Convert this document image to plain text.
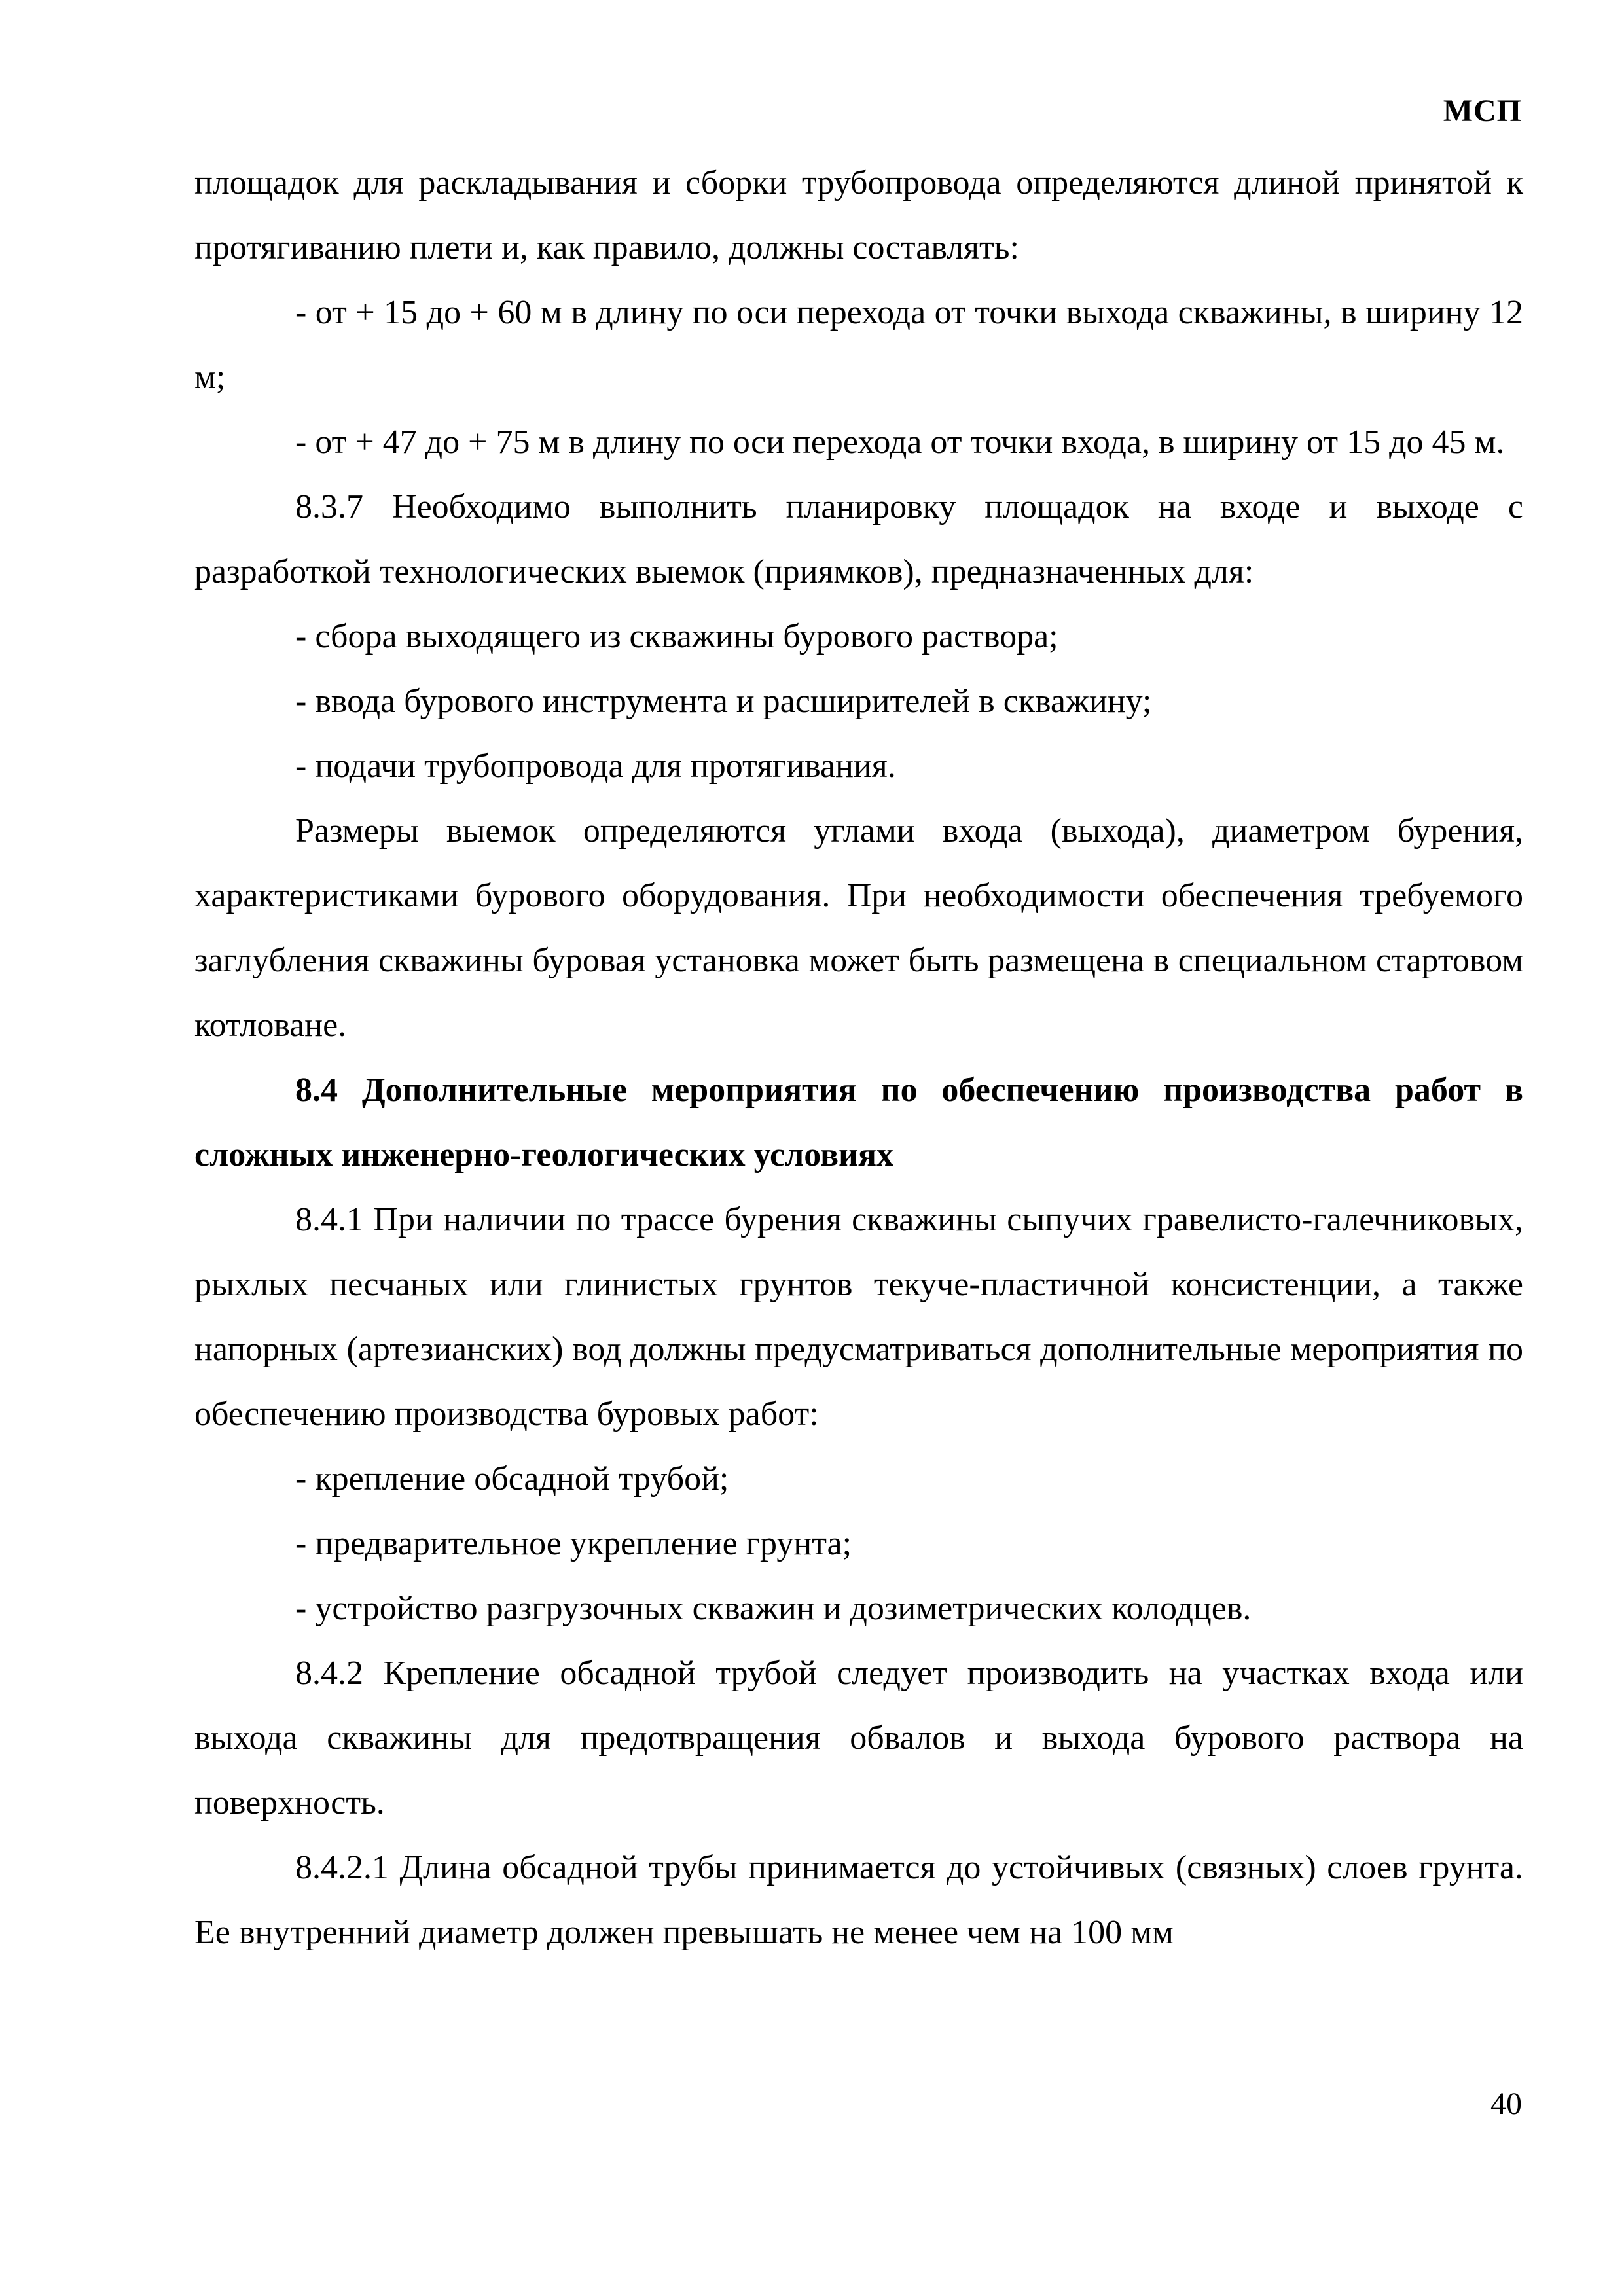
МСП

площадок для раскладывания и сборки трубопровода определяются длиной принятой к протягиванию плети и, как правило, должны составлять:

- от + 15 до + 60 м в длину по оси перехода от точки выхода скважины, в ширину 12 м;

- от + 47 до + 75 м в длину по оси перехода от точки входа, в ширину от 15 до 45 м.

8.3.7 Необходимо выполнить планировку площадок на входе и выходе с разработкой технологических выемок (приямков), предназначенных для:

- сбора выходящего из скважины бурового раствора;

- ввода бурового инструмента и расширителей в скважину;

- подачи трубопровода для протягивания.

Размеры выемок определяются углами входа (выхода), диаметром бурения, характеристиками бурового оборудования. При необходимости обеспечения требуемого заглубления скважины буровая установка может быть размещена в специальном стартовом котловане.

8.4 Дополнительные мероприятия по обеспечению производства работ в сложных инженерно-геологических условиях

8.4.1 При наличии по трассе бурения скважины сыпучих гравелисто-галечниковых, рыхлых песчаных или глинистых грунтов текуче-пластичной консистенции, а также напорных (артезианских) вод должны предусматриваться дополнительные мероприятия по обеспечению производства буровых работ:

- крепление обсадной трубой;

- предварительное укрепление грунта;

- устройство разгрузочных скважин и дозиметрических колодцев.

8.4.2 Крепление обсадной трубой следует производить на участках входа или выхода скважины для предотвращения обвалов и выхода бурового раствора на поверхность.

8.4.2.1 Длина обсадной трубы принимается до устойчивых (связных) слоев грунта. Ее внутренний диаметр должен превышать не менее чем на 100 мм

40
